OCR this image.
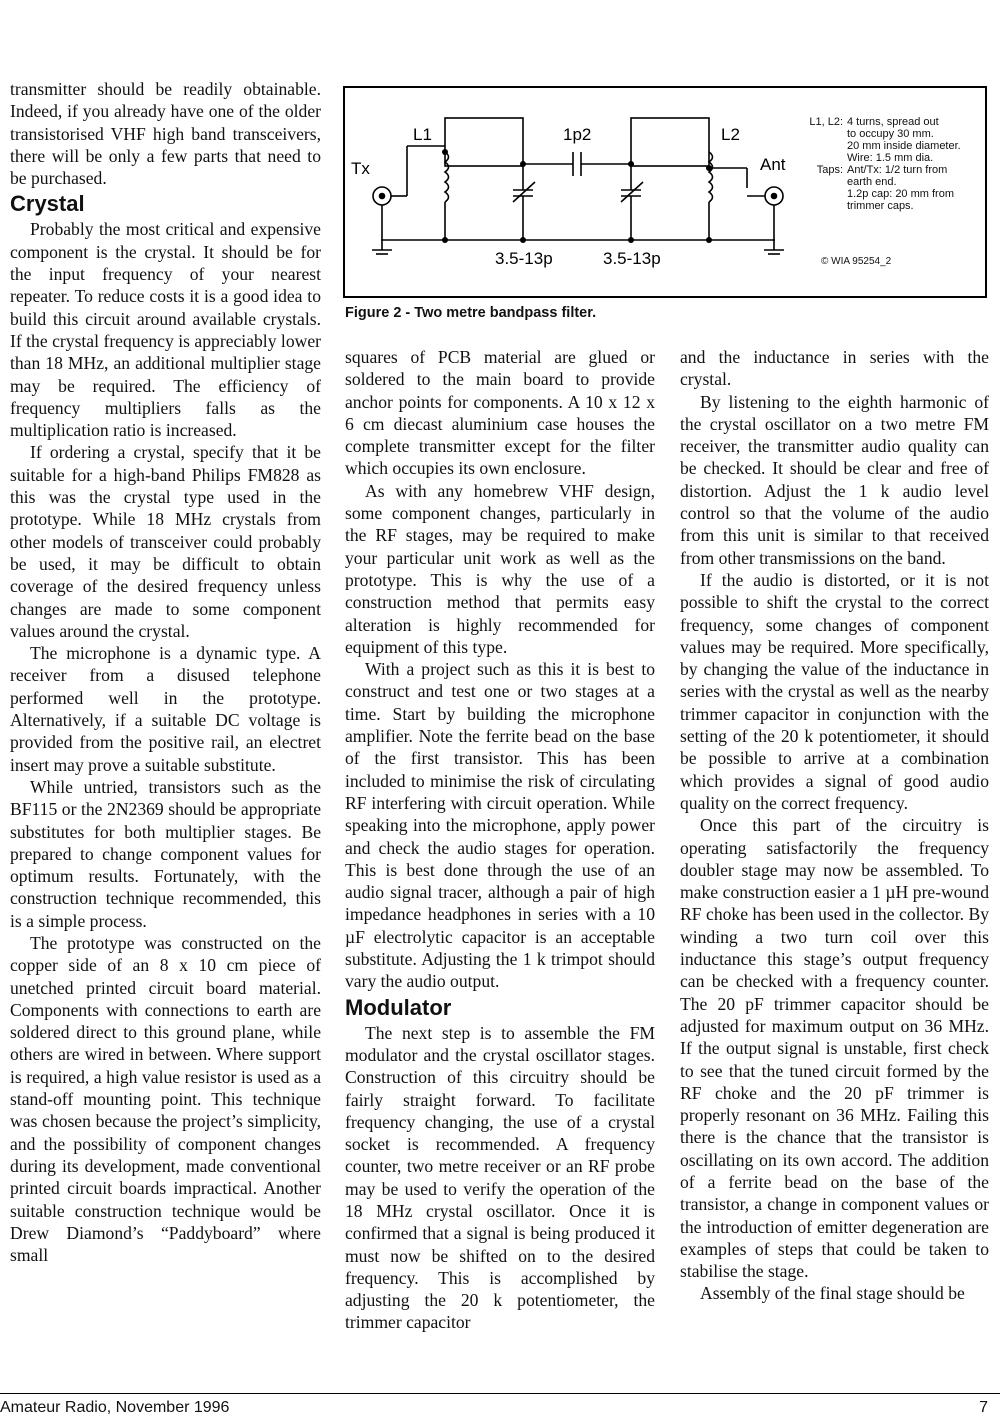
transmitter should be readily obtainable. Indeed, if you already have one of the older transistorised VHF high band transceivers, there will be only a few parts that need to be purchased.

Crystal

Probably the most critical and expensive component is the crystal. It should be for the input frequency of your nearest repeater. To reduce costs it is a good idea to build this circuit around available crystals. If the crystal frequency is appreciably lower than 18 MHz, an additional multiplier stage may be required. The efficiency of frequency multipliers falls as the multiplication ratio is increased.

If ordering a crystal, specify that it be suitable for a high-band Philips FM828 as this was the crystal type used in the prototype. While 18 MHz crystals from other models of transceiver could probably be used, it may be difficult to obtain coverage of the desired frequency unless changes are made to some component values around the crystal.

The microphone is a dynamic type. A receiver from a disused telephone performed well in the prototype. Alternatively, if a suitable DC voltage is provided from the positive rail, an electret insert may prove a suitable substitute.

While untried, transistors such as the BF115 or the 2N2369 should be appropriate substitutes for both multiplier stages. Be prepared to change component values for optimum results. Fortunately, with the construction technique recommended, this is a simple process.

The prototype was constructed on the copper side of an 8 x 10 cm piece of unetched printed circuit board material. Components with connections to earth are soldered direct to this ground plane, while others are wired in between. Where support is required, a high value resistor is used as a stand-off mounting point. This technique was chosen because the project’s simplicity, and the possibility of component changes during its development, made conventional printed circuit boards impractical. Another suitable construction technique would be Drew Diamond’s “Paddyboard” where small

Tx
L1	1p2	L2
Ant
3.5-13p	3.5-13p
L1, L2: 4 turns, spread out
to occupy 30 mm.
20 mm inside diameter.
Wire: 1.5 mm dia.
Taps: Ant/Tx: 1/2 turn from
earth end.
1.2p cap: 20 mm from
trimmer caps.
© WIA 95254_2
Figure 2 - Two metre bandpass filter.

squares of PCB material are glued or soldered to the main board to provide anchor points for components. A 10 x 12 x 6 cm diecast aluminium case houses the complete transmitter except for the filter which occupies its own enclosure.

As with any homebrew VHF design, some component changes, particularly in the RF stages, may be required to make your particular unit work as well as the prototype. This is why the use of a construction method that permits easy alteration is highly recommended for equipment of this type.

With a project such as this it is best to construct and test one or two stages at a time. Start by building the microphone amplifier. Note the ferrite bead on the base of the first transistor. This has been included to minimise the risk of circulating RF interfering with circuit operation. While speaking into the microphone, apply power and check the audio stages for operation. This is best done through the use of an audio signal tracer, although a pair of high impedance headphones in series with a 10 µF electrolytic capacitor is an acceptable substitute. Adjusting the 1 k trimpot should vary the audio output.

Modulator

The next step is to assemble the FM modulator and the crystal oscillator stages. Construction of this circuitry should be fairly straight forward. To facilitate frequency changing, the use of a crystal socket is recommended. A frequency counter, two metre receiver or an RF probe may be used to verify the operation of the 18 MHz crystal oscillator. Once it is confirmed that a signal is being produced it must now be shifted on to the desired frequency. This is accomplished by adjusting the 20 k potentiometer, the trimmer capacitor

and the inductance in series with the crystal.

By listening to the eighth harmonic of the crystal oscillator on a two metre FM receiver, the transmitter audio quality can be checked. It should be clear and free of distortion. Adjust the 1 k audio level control so that the volume of the audio from this unit is similar to that received from other transmissions on the band.

If the audio is distorted, or it is not possible to shift the crystal to the correct frequency, some changes of component values may be required. More specifically, by changing the value of the inductance in series with the crystal as well as the nearby trimmer capacitor in conjunction with the setting of the 20 k potentiometer, it should be possible to arrive at a combination which provides a signal of good audio quality on the correct frequency.

Once this part of the circuitry is operating satisfactorily the frequency doubler stage may now be assembled. To make construction easier a 1 µH pre-wound RF choke has been used in the collector. By winding a two turn coil over this inductance this stage’s output frequency can be checked with a frequency counter. The 20 pF trimmer capacitor should be adjusted for maximum output on 36 MHz. If the output signal is unstable, first check to see that the tuned circuit formed by the RF choke and the 20 pF trimmer is properly resonant on 36 MHz. Failing this there is the chance that the transistor is oscillating on its own accord. The addition of a ferrite bead on the base of the transistor, a change in component values or the introduction of emitter degeneration are examples of steps that could be taken to stabilise the stage.

Assembly of the final stage should be

Amateur Radio, November 1996	7
